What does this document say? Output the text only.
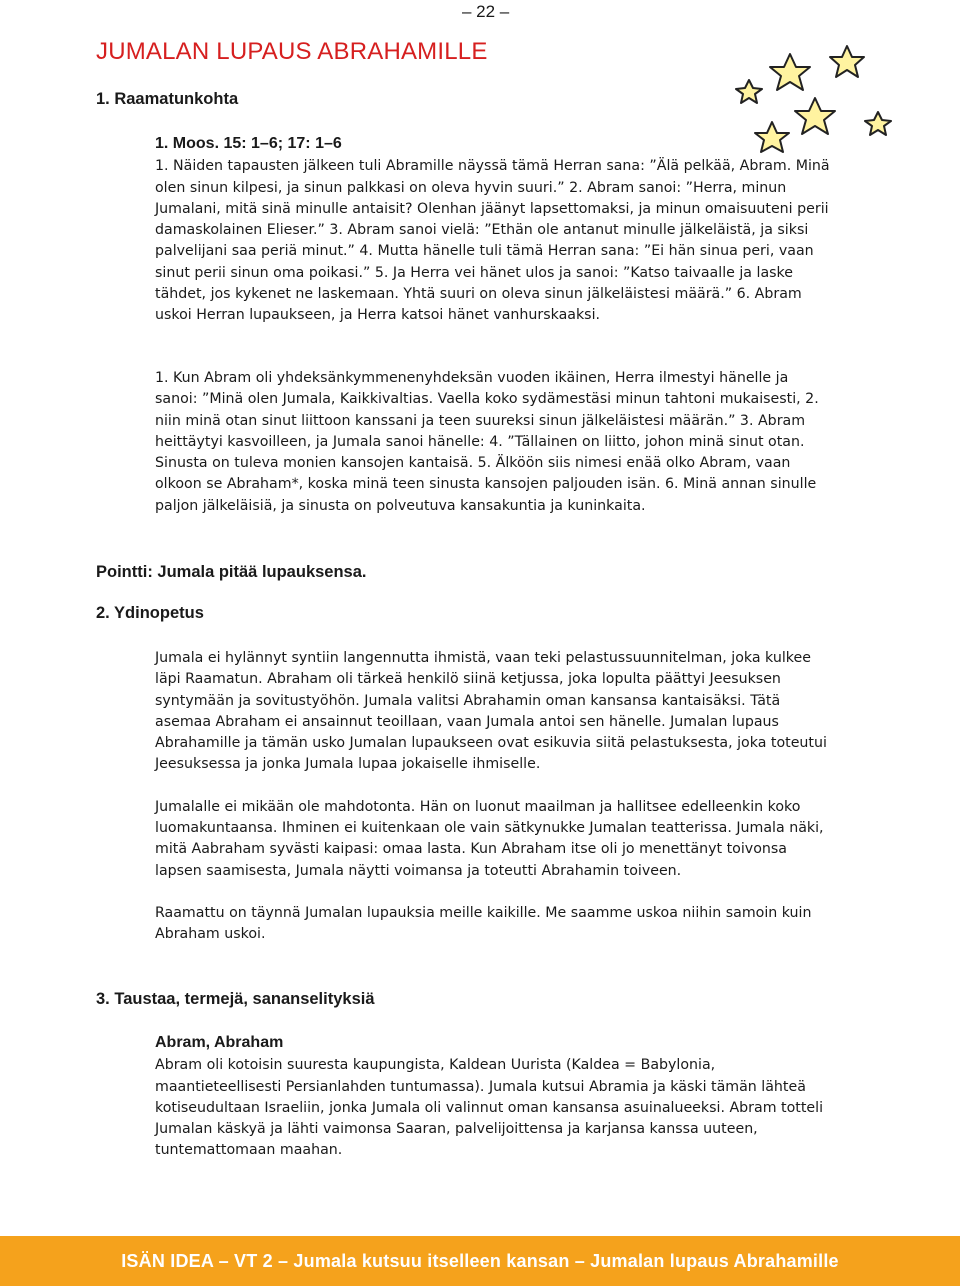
– 22 –
JUMALAN LUPAUS ABRAHAMILLE
1. Raamatunkohta
1. Moos. 15: 1–6; 17: 1–6

1. Näiden tapausten jälkeen tuli Abramille näyssä tämä Herran sana: ”Älä pelkää, Abram. Minä olen sinun kilpesi, ja sinun palkkasi on oleva hyvin suuri.” 2. Abram sanoi: ”Herra, minun Jumalani, mitä sinä minulle antaisit? Olenhan jäänyt lapsettomaksi, ja minun omaisuuteni perii damaskolainen Elieser.” 3. Abram sanoi vielä: ”Ethän ole antanut minulle jälkeläistä, ja siksi palvelijani saa periä minut.” 4. Mutta hänelle tuli tämä Herran sana: ”Ei hän sinua peri, vaan sinut perii sinun oma poikasi.” 5. Ja Herra vei hänet ulos ja sanoi: ”Katso taivaalle ja laske tähdet, jos kykenet ne laskemaan. Yhtä suuri on oleva sinun jälkeläistesi määrä.” 6. Abram uskoi Herran lupaukseen, ja Herra katsoi hänet vanhurskaaksi.

1. Kun Abram oli yhdeksänkymmenenyhdeksän vuoden ikäinen, Herra ilmestyi hänelle ja sanoi: ”Minä olen Jumala, Kaikkivaltias. Vaella koko sydämestäsi minun tahtoni mukaisesti, 2. niin minä otan sinut liittoon kanssani ja teen suureksi sinun jälkeläistesi määrän.” 3. Abram heittäytyi kasvoilleen, ja Jumala sanoi hänelle: 4. ”Tällainen on liitto, johon minä sinut otan. Sinusta on tuleva monien kansojen kantaisä. 5. Älköön siis nimesi enää olko Abram, vaan olkoon se Abraham*, koska minä teen sinusta kansojen paljouden isän. 6. Minä annan sinulle paljon jälkeläisiä, ja sinusta on polveutuva kansakuntia ja kuninkaita.

Pointti: Jumala pitää lupauksensa.
2. Ydinopetus

Jumala ei hylännyt syntiin langennutta ihmistä, vaan teki pelastussuunnitelman, joka kulkee läpi Raamatun. Abraham oli tärkeä henkilö siinä ketjussa, joka lopulta päättyi Jeesuksen syntymään ja sovitustyöhön. Jumala valitsi Abrahamin oman kansansa kantaisäksi. Tätä asemaa Abraham ei ansainnut teoillaan, vaan Jumala antoi sen hänelle. Jumalan lupaus Abrahamille ja tämän usko Jumalan lupaukseen ovat esikuvia siitä pelastuksesta, joka toteutui Jeesuksessa ja jonka Jumala lupaa jokaiselle ihmiselle.

Jumalalle ei mikään ole mahdotonta. Hän on luonut maailman ja hallitsee edelleenkin koko luomakuntaansa. Ihminen ei kuitenkaan ole vain sätkynukke Jumalan teatterissa. Jumala näki, mitä Aabraham syvästi kaipasi: omaa lasta. Kun Abraham itse oli jo menettänyt toivonsa lapsen saamisesta, Jumala näytti voimansa ja toteutti Abrahamin toiveen.

Raamattu on täynnä Jumalan lupauksia meille kaikille. Me saamme uskoa niihin samoin kuin Abraham uskoi.

3. Taustaa, termejä, sananselityksiä
Abram, Abraham

Abram oli kotoisin suuresta kaupungista, Kaldean Uurista (Kaldea = Babylonia, maantieteellisesti Persianlahden tuntumassa). Jumala kutsui Abramia ja käski tämän lähteä kotiseudultaan Israeliin, jonka Jumala oli valinnut oman kansansa asuinalueeksi. Abram totteli Jumalan käskyä ja lähti vaimonsa Saaran, palvelijoittensa ja karjansa kanssa uuteen, tuntemattomaan maahan.

ISÄN IDEA – VT 2 – Jumala kutsuu itselleen kansan – Jumalan lupaus Abrahamille
